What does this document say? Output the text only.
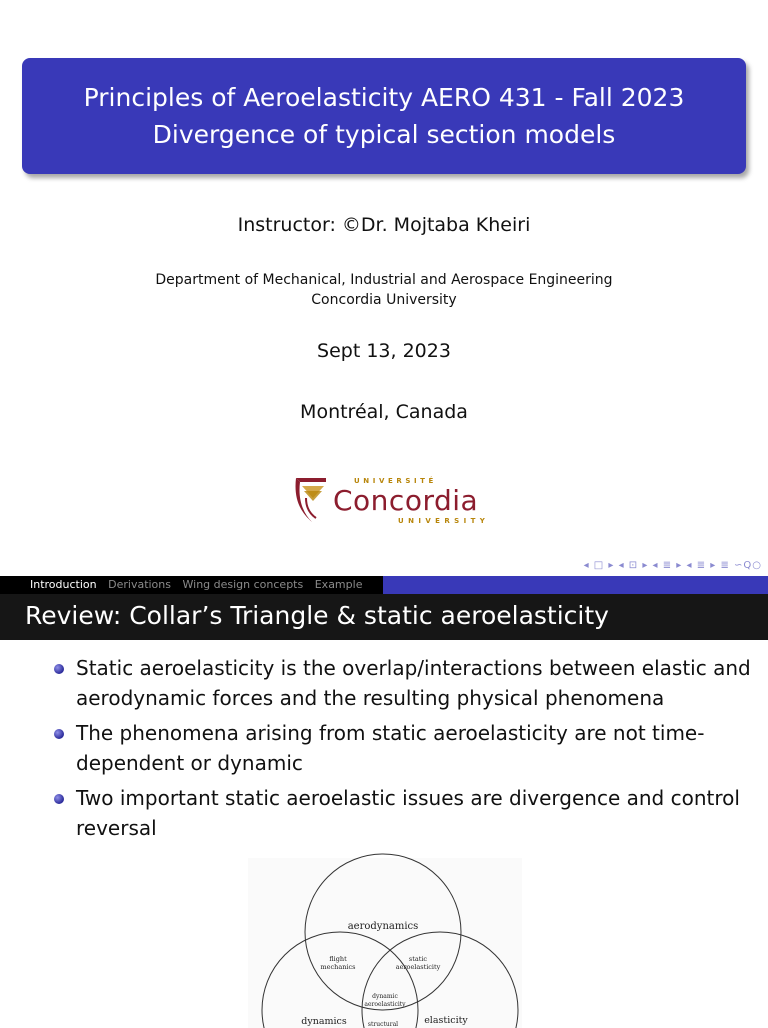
Principles of Aeroelasticity AERO 431 - Fall 2023
Divergence of typical section models
Instructor: ©Dr. Mojtaba Kheiri
Department of Mechanical, Industrial and Aerospace Engineering
Concordia University
Sept 13, 2023
Montréal, Canada
UNIVERSITÉ
Concordia
UNIVERSITY
◂ □ ▸ ◂ ⊡ ▸ ◂ ≣ ▸ ◂ ≣ ▸ ≣ ∽Q○
Introduction Derivations Wing design concepts Example
Review: Collar’s Triangle & static aeroelasticity
Static aeroelasticity is the overlap/interactions between elastic and aerodynamic forces and the resulting physical phenomena
The phenomena arising from static aeroelasticity are not time-dependent or dynamic
Two important static aeroelastic issues are divergence and control reversal
aerodynamics
flight
mechanics
static
aeroelasticity
dynamic
aeroelasticity
dynamics	elasticity
structural
